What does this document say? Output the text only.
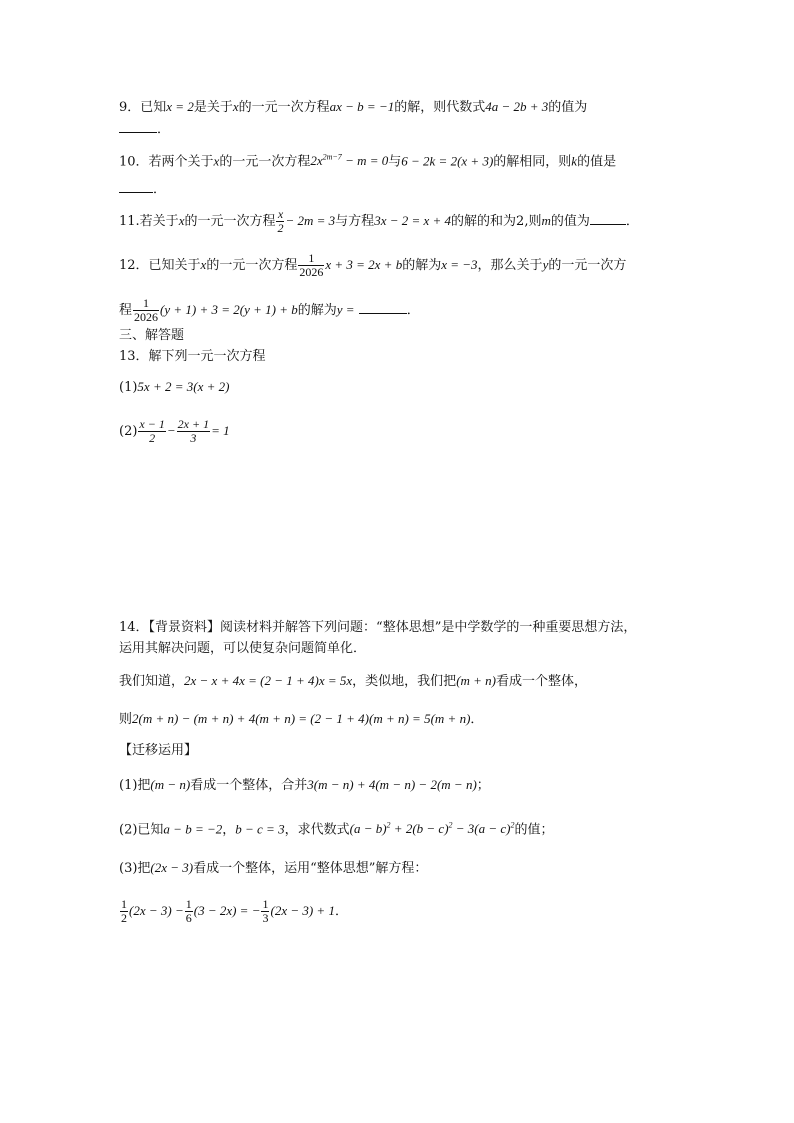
9．已知x = 2是关于x的一元一次方程ax − b = −1的解，则代数式4a − 2b + 3的值为
．
10．若两个关于x的一元一次方程$2x^{2m-7} - m = 0$与6 − 2k = 2(x + 3)的解相同，则k的值是
．
11.若关于x的一元一次方程 $\frac{x}{2} - 2m = 3$与方程3x − 2 = x + 4的解的和为2,则m的值为	．
12．已知关于x的一元一次方程 $\frac{1}{2026}$ x + 3 = 2x + b的解为x = −3，那么关于y的一元一次方
程 $\frac{1}{2026} (y + 1) + 3 = 2(y + 1) + b$的解为y =	．
三、解答题
13．解下列一元一次方程
(1)5x + 2 = 3(x + 2)
$(2) \frac{x - 1}{2} - \frac{2x + 1}{3} = 1$
14．【背景资料】阅读材料并解答下列问题：“整体思想”是中学数学的一种重要思想方法，
运用其解决问题，可以使复杂问题简单化．
我们知道，2x − x + 4x = (2 − 1 + 4)x = 5x，类似地，我们把(m + n)看成一个整体，
则2(m + n) − (m + n) + 4(m + n) = (2 − 1 + 4)(m + n) = 5(m + n)．
【迁移运用】
(1)把(m − n)看成一个整体，合并3(m − n) + 4(m − n) − 2(m − n)；
(2)已知a − b = −2，b − c = 3，求代数式$(a - b)^2 + 2(b - c)^2 - 3(a - c)^2$的值；
(3)把(2x − 3)看成一个整体，运用“整体思想”解方程：
$\frac{1}{2} (2x - 3) - \frac{1}{6} (3 - 2x)$ = − $\frac{1}{3} (2x - 3) + 1$．
